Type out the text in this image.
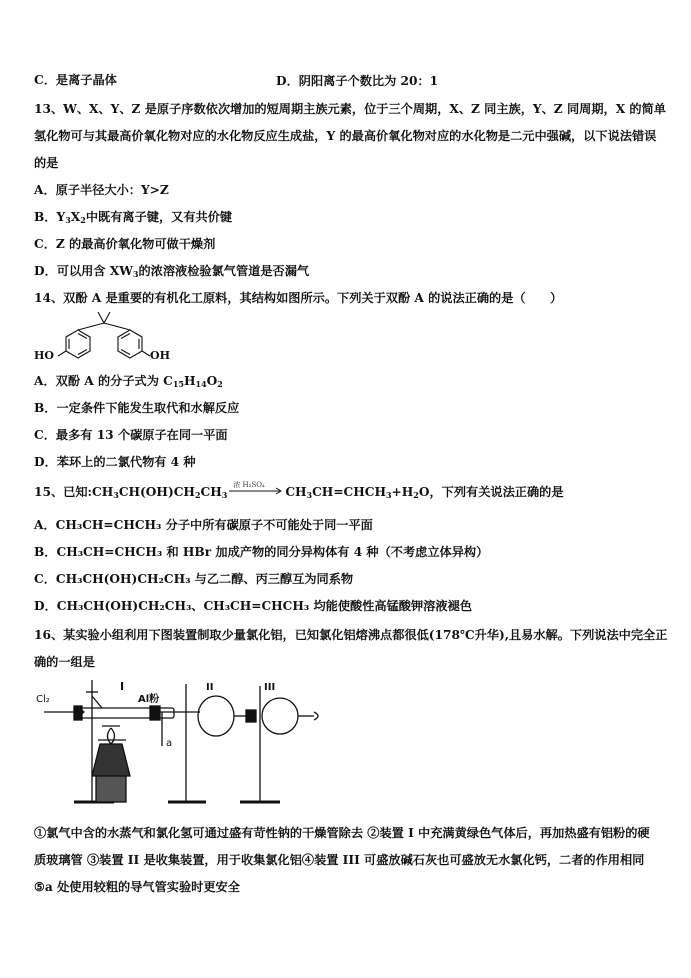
C．是离子晶体	D．阴阳离子个数比为 20：1
13、W、X、Y、Z 是原子序数依次增加的短周期主族元素，位于三个周期，X、Z 同主族，Y、Z 同周期，X 的简单
氢化物可与其最高价氧化物对应的水化物反应生成盐，Y 的最高价氧化物对应的水化物是二元中强碱，以下说法错误
的是
A．原子半径大小：Y>Z
B．$Y_3X_2$中既有离子键，又有共价键
C．Z 的最高价氧化物可做干燥剂
D．可以用含 $XW_3$的浓溶液检验氯气管道是否漏气
14、双酚 A 是重要的有机化工原料，其结构如图所示。下列关于双酚 A 的说法正确的是（　　）
HO	OH
A．双酚 A 的分子式为 $C_{15}H_{14}O_2$
B．一定条件下能发生取代和水解反应
C．最多有 13 个碳原子在同一平面
D．苯环上的二氯代物有 4 种
15、已知$:CH_3CH(OH)CH_2CH_3$
浓 H₂SO₄ $CH_3CH=CHCH_3+H_2O$，下列有关说法正确的是
A．CH₃CH=CHCH₃ 分子中所有碳原子不可能处于同一平面
B．CH₃CH=CHCH₃ 和 HBr 加成产物的同分异构体有 4 种（不考虑立体异构）
C．CH₃CH(OH)CH₂CH₃ 与乙二醇、丙三醇互为同系物
D．CH₃CH(OH)CH₂CH₃、CH₃CH=CHCH₃ 均能使酸性高锰酸钾溶液褪色
16、某实验小组利用下图装置制取少量氯化铝，已知氯化铝熔沸点都很低(178℃升华),且易水解。下列说法中完全正
确的一组是
Cl₂
I
Al粉
II	III
a
①氯气中含的水蒸气和氯化氢可通过盛有苛性钠的干燥管除去 ②装置 I 中充满黄绿色气体后，再加热盛有铝粉的硬
质玻璃管 ③装置 II 是收集装置，用于收集氯化铝④装置 III 可盛放碱石灰也可盛放无水氯化钙，二者的作用相同
⑤a 处使用较粗的导气管实验时更安全
